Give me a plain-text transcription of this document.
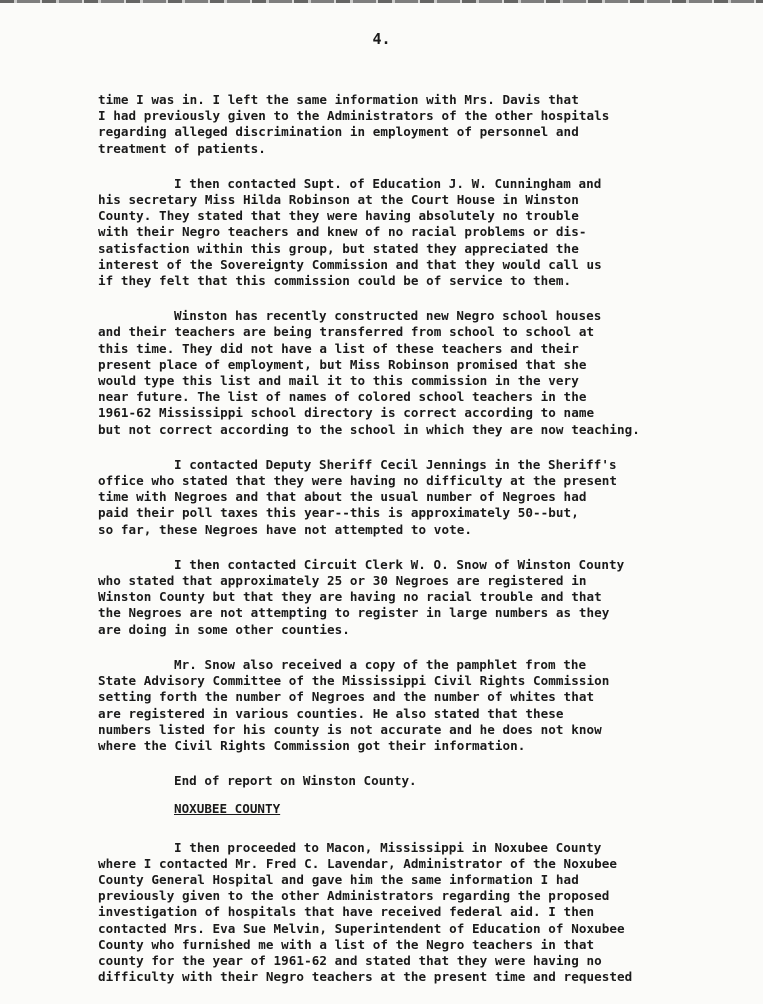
4.

time I was in. I left the same information with Mrs. Davis that
I had previously given to the Administrators of the other hospitals
regarding alleged discrimination in employment of personnel and
treatment of patients.

I then contacted Supt. of Education J. W. Cunningham and
his secretary Miss Hilda Robinson at the Court House in Winston
County. They stated that they were having absolutely no trouble
with their Negro teachers and knew of no racial problems or dis-
satisfaction within this group, but stated they appreciated the
interest of the Sovereignty Commission and that they would call us
if they felt that this commission could be of service to them.

Winston has recently constructed new Negro school houses
and their teachers are being transferred from school to school at
this time. They did not have a list of these teachers and their
present place of employment, but Miss Robinson promised that she
would type this list and mail it to this commission in the very
near future. The list of names of colored school teachers in the
1961-62 Mississippi school directory is correct according to name
but not correct according to the school in which they are now teaching.

I contacted Deputy Sheriff Cecil Jennings in the Sheriff's
office who stated that they were having no difficulty at the present
time with Negroes and that about the usual number of Negroes had
paid their poll taxes this year--this is approximately 50--but,
so far, these Negroes have not attempted to vote.

I then contacted Circuit Clerk W. O. Snow of Winston County
who stated that approximately 25 or 30 Negroes are registered in
Winston County but that they are having no racial trouble and that
the Negroes are not attempting to register in large numbers as they
are doing in some other counties.

Mr. Snow also received a copy of the pamphlet from the
State Advisory Committee of the Mississippi Civil Rights Commission
setting forth the number of Negroes and the number of whites that
are registered in various counties. He also stated that these
numbers listed for his county is not accurate and he does not know
where the Civil Rights Commission got their information.

End of report on Winston County.

NOXUBEE COUNTY

I then proceeded to Macon, Mississippi in Noxubee County
where I contacted Mr. Fred C. Lavendar, Administrator of the Noxubee
County General Hospital and gave him the same information I had
previously given to the other Administrators regarding the proposed
investigation of hospitals that have received federal aid. I then
contacted Mrs. Eva Sue Melvin, Superintendent of Education of Noxubee
County who furnished me with a list of the Negro teachers in that
county for the year of 1961-62 and stated that they were having no
difficulty with their Negro teachers at the present time and requested
